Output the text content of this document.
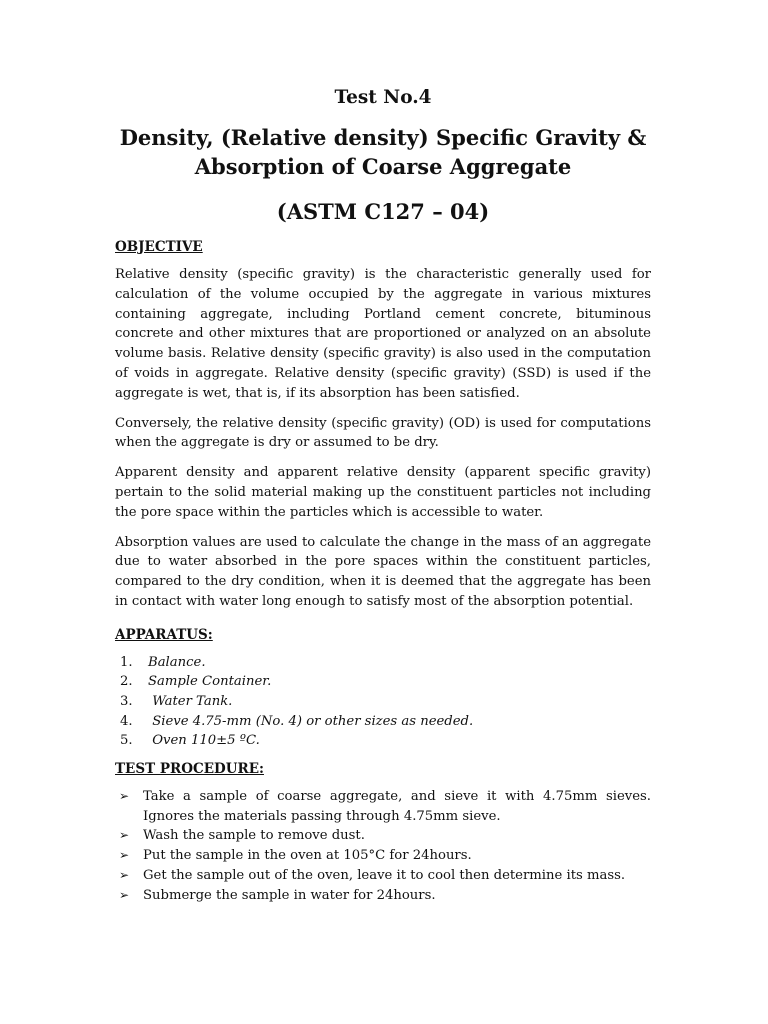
Test No.4
Density, (Relative density) Specific Gravity &
Absorption of Coarse Aggregate
(ASTM C127 – 04)
OBJECTIVE

Relative density (specific gravity) is the characteristic generally used for calculation of the volume occupied by the aggregate in various mixtures containing aggregate, including Portland cement concrete, bituminous concrete and other mixtures that are proportioned or analyzed on an absolute volume basis. Relative density (specific gravity) is also used in the computation of voids in aggregate. Relative density (specific gravity) (SSD) is used if the aggregate is wet, that is, if its absorption has been satisfied.

Conversely, the relative density (specific gravity) (OD) is used for computations when the aggregate is dry or assumed to be dry.

Apparent density and apparent relative density (apparent specific gravity) pertain to the solid material making up the constituent particles not including the pore space within the particles which is accessible to water.

Absorption values are used to calculate the change in the mass of an aggregate due to water absorbed in the pore spaces within the constituent particles, compared to the dry condition, when it is deemed that the aggregate has been in contact with water long enough to satisfy most of the absorption potential.

APPARATUS:
1.	Balance.
2.	Sample Container.
3.	Water Tank.
4.	Sieve 4.75-mm (No. 4) or other sizes as needed.
5.	Oven 110±5 ºC.
TEST PROCEDURE:
➢	Take a sample of coarse aggregate, and sieve it with 4.75mm sieves. Ignores the materials passing through 4.75mm sieve.
➢	Wash the sample to remove dust.
➢	Put the sample in the oven at 105°C for 24hours.
➢	Get the sample out of the oven, leave it to cool then determine its mass.
➢	Submerge the sample in water for 24hours.
